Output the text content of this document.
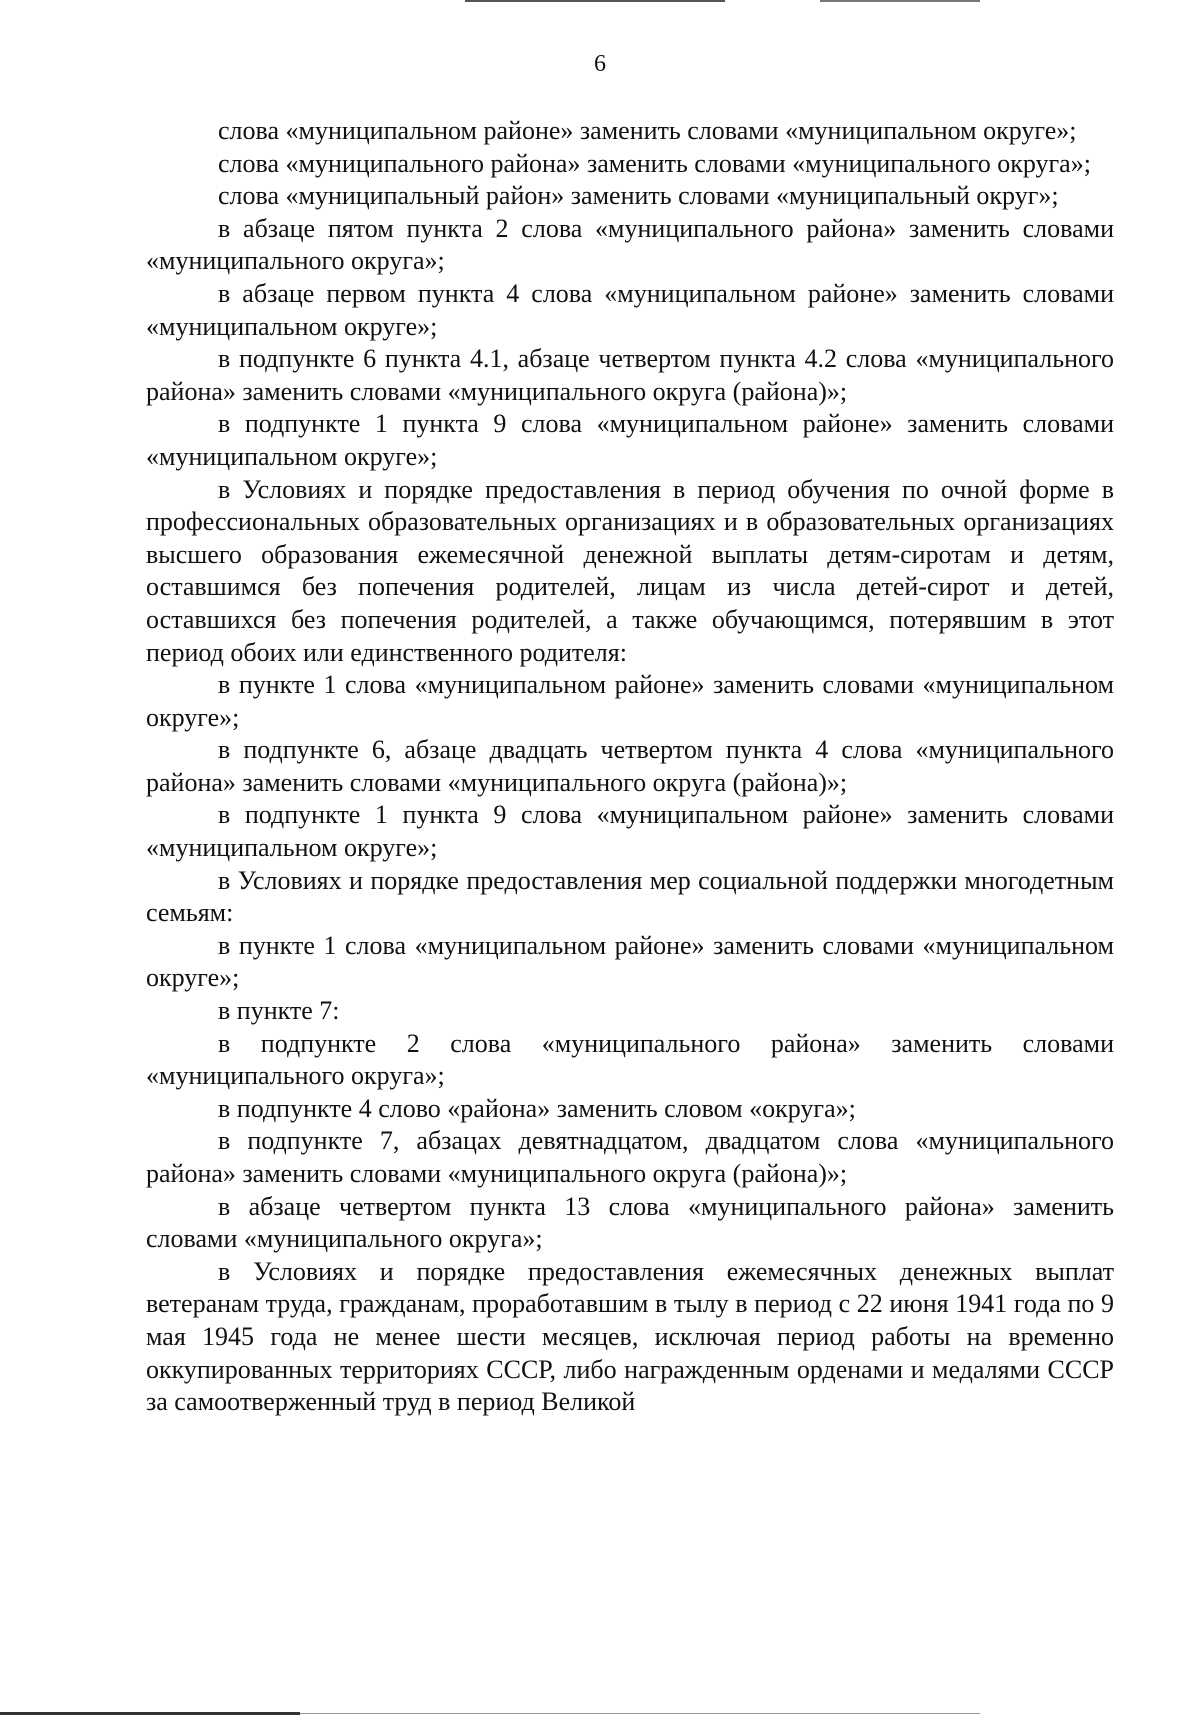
6

слова «муниципальном районе» заменить словами «муниципальном округе»;

слова «муниципального района» заменить словами «муниципального округа»;

слова «муниципальный район» заменить словами «муниципальный округ»;

в абзаце пятом пункта 2 слова «муниципального района» заменить словами «муниципального округа»;

в абзаце первом пункта 4 слова «муниципальном районе» заменить словами «муниципальном округе»;

в подпункте 6 пункта 4.1, абзаце четвертом пункта 4.2 слова «муниципального района» заменить словами «муниципального округа (района)»;

в подпункте 1 пункта 9 слова «муниципальном районе» заменить словами «муниципальном округе»;

в Условиях и порядке предоставления в период обучения по очной форме в профессиональных образовательных организациях и в образовательных организациях высшего образования ежемесячной денежной выплаты детям-сиротам и детям, оставшимся без попечения родителей, лицам из числа детей-сирот и детей, оставшихся без попечения родителей, а также обучающимся, потерявшим в этот период обоих или единственного родителя:

в пункте 1 слова «муниципальном районе» заменить словами «муниципальном округе»;

в подпункте 6, абзаце двадцать четвертом пункта 4 слова «муниципального района» заменить словами «муниципального округа (района)»;

в подпункте 1 пункта 9 слова «муниципальном районе» заменить словами «муниципальном округе»;

в Условиях и порядке предоставления мер социальной поддержки многодетным семьям:

в пункте 1 слова «муниципальном районе» заменить словами «муниципальном округе»;

в пункте 7:

в подпункте 2 слова «муниципального района» заменить словами «муниципального округа»;

в подпункте 4 слово «района» заменить словом «округа»;

в подпункте 7, абзацах девятнадцатом, двадцатом слова «муниципального района» заменить словами «муниципального округа (района)»;

в абзаце четвертом пункта 13 слова «муниципального района» заменить словами «муниципального округа»;

в Условиях и порядке предоставления ежемесячных денежных выплат ветеранам труда, гражданам, проработавшим в тылу в период с 22 июня 1941 года по 9 мая 1945 года не менее шести месяцев, исключая период работы на временно оккупированных территориях СССР, либо награжденным орденами и медалями СССР за самоотверженный труд в период Великой
